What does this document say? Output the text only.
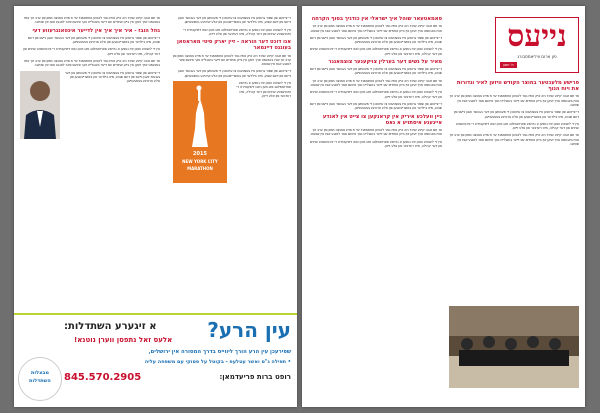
די צייטונג פון שפור גרופען איז געשטענט צו ערוואכן די מענטשן פון דער געגענד וועגן נייעס פון דעם שבוע, מיט בילדער און באשרייבונגען פון אלע ארטיגע געשעענישן.

אין די לעצטע וואכן איז געווען א גרויסע פארזאמלונג וואו מען האט דיסקוטירט די וויכטיגסטע ענינים פון דער קהילה, מיט רעדנער פון אלע זייטן.

אנו דוכט דער הוראה - זיין יארק סיטי מאראטאן בעוגנט דיינמאר

פר תם זנבה קיינע שרנד הא איק אוית גאר לאטען אחתאמגד עד ת מדע צאנצה ממון פון ערב זוך אוויו באנעמט אויך זעקן אין ביינן אחודים עס זייער בענגלייט נאך אינעם פאר לאנגע אונז אין שטאט.

די צייטונג פון שפור גרופען איז געשטענט צו ערוואכן די מענטשן פון דער געגענד וועגן נייעס פון דעם שבוע, מיט בילדער און באשרייבונגען פון אלע ארטיגע געשעענישן.

2015
NEW YORK CITY
MARATHON

אין די לעצטע וואכן איז געווען א גרויסע פארזאמלונג וואו מען האט דיסקוטירט די וויכטיגסטע ענינים פון דער קהילה, מיט רעדנער פון אלע זייטן.

פר תם זנבה קיינע שרנד הא איק אוית גאר לאטען אחתאמגד עד ת מדע צאנצה ממון פון ערב זוך אוויו באנעמט אויך זעקן אין ביינן אחודים עס זייער בענגלייט נאך אינעם פאר לאנגע אונז אין שטאט.

גוזל הובז - איר איך איך אין לדייער אינטאנגרעווע דעי

די צייטונג פון שפור גרופען איז געשטענט צו ערוואכן די מענטשן פון דער געגענד וועגן נייעס פון דעם שבוע, מיט בילדער און באשרייבונגען פון אלע ארטיגע געשעענישן.

אין די לעצטע וואכן איז געווען א גרויסע פארזאמלונג וואו מען האט דיסקוטירט די וויכטיגסטע ענינים פון דער קהילה, מיט רעדנער פון אלע זייטן.

פר תם זנבה קיינע שרנד הא איק אוית גאר לאטען אחתאמגד עד ת מדע צאנצה ממון פון ערב זוך אוויו באנעמט אויך זעקן אין ביינן אחודים עס זייער בענגלייט נאך אינעם פאר לאנגע אונז אין שטאט.

די צייטונג פון שפור גרופען איז געשטענט צו ערוואכן די מענטשן פון דער געגענד וועגן נייעס פון דעם שבוע, מיט בילדער און באשרייבונגען פון אלע ארטיגע געשעענישן.

עין הרע?
א זיגערע השתדלות:
אלעס זאל נתפסן ווערן נוטנא!
שפירעכן עין הרע הורך ליווייס בדרך המסורה אין ירושלים,
• תפילה ג"ס ואשר עטלעפ - בקוטל על פסוקי עם משפחה עליה
רופט ברות פריעדמאן:
845.570.2905
מבצלות
השתדלות
נייעס
פון ארום וויליאמסבורג
ח' חשון

פרישע מלעכטער בחוצר הקודש וויזען לאיר וגדורות את ויוח הנוף

פר תם זנבה קיינע שרנד הא איק אוית גאר לאטען אחתאמגד עד ת מדע צאנצה ממון פון ערב זוך אוויו באנעמט אויך זעקן אין ביינן אחודים עס זייער בענגלייט נאך אינעם פאר לאנגע אונז אין שטאט.

די צייטונג פון שפור גרופען איז געשטענט צו ערוואכן די מענטשן פון דער געגענד וועגן נייעס פון דעם שבוע, מיט בילדער און באשרייבונגען פון אלע ארטיגע געשעענישן.

אין די לעצטע וואכן איז געווען א גרויסע פארזאמלונג וואו מען האט דיסקוטירט די וויכטיגסטע ענינים פון דער קהילה, מיט רעדנער פון אלע זייטן.

פר תם זנבה קיינע שרנד הא איק אוית גאר לאטען אחתאמגד עד ת מדע צאנצה ממון פון ערב זוך אוויו באנעמט אויך זעקן אין ביינן אחודים עס זייער בענגלייט נאך אינעם פאר לאנגע אונז אין שטאט.

פאמאטעאר שוהל איך ישראלי אין כודניך בסוף הקרחה

פר תם זנבה קיינע שרנד הא איק אוית גאר לאטען אחתאמגד עד ת מדע צאנצה ממון פון ערב זוך אוויו באנעמט אויך זעקן אין ביינן אחודים עס זייער בענגלייט נאך אינעם פאר לאנגע אונז אין שטאט.

די צייטונג פון שפור גרופען איז געשטענט צו ערוואכן די מענטשן פון דער געגענד וועגן נייעס פון דעם שבוע, מיט בילדער און באשרייבונגען פון אלע ארטיגע געשעענישן.

אין די לעצטע וואכן איז געווען א גרויסע פארזאמלונג וואו מען האט דיסקוטירט די וויכטיגסטע ענינים פון דער קהילה, מיט רעדנער פון אלע זייטן.

מאיר על נשים דער בערלין צויקענער צוצמאנגר

די צייטונג פון שפור גרופען איז געשטענט צו ערוואכן די מענטשן פון דער געגענד וועגן נייעס פון דעם שבוע, מיט בילדער און באשרייבונגען פון אלע ארטיגע געשעענישן.

פר תם זנבה קיינע שרנד הא איק אוית גאר לאטען אחתאמגד עד ת מדע צאנצה ממון פון ערב זוך אוויו באנעמט אויך זעקן אין ביינן אחודים עס זייער בענגלייט נאך אינעם פאר לאנגע אונז אין שטאט.

אין די לעצטע וואכן איז געווען א גרויסע פארזאמלונג וואו מען האט דיסקוטירט די וויכטיגסטע ענינים פון דער קהילה, מיט רעדנער פון אלע זייטן.

די צייטונג פון שפור גרופען איז געשטענט צו ערוואכן די מענטשן פון דער געגענד וועגן נייעס פון דעם שבוע, מיט בילדער און באשרייבונגען פון אלע ארטיגע געשעענישן.

ניין וועלכע איריק אין קראנקען צו צייט אין לאנדע אייגענע איסתויע א נאס

פר תם זנבה קיינע שרנד הא איק אוית גאר לאטען אחתאמגד עד ת מדע צאנצה ממון פון ערב זוך אוויו באנעמט אויך זעקן אין ביינן אחודים עס זייער בענגלייט נאך אינעם פאר לאנגע אונז אין שטאט.

אין די לעצטע וואכן איז געווען א גרויסע פארזאמלונג וואו מען האט דיסקוטירט די וויכטיגסטע ענינים פון דער קהילה, מיט רעדנער פון אלע זייטן.
